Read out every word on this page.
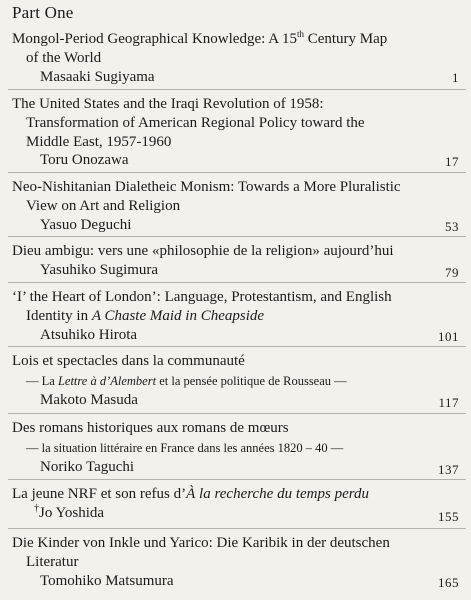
Part One
Mongol-Period Geographical Knowledge: A 15th Century Map
of the World
Masaaki Sugiyama	1
The United States and the Iraqi Revolution of 1958:
Transformation of American Regional Policy toward the
Middle East, 1957-1960
Toru Onozawa	17
Neo-Nishitanian Dialetheic Monism: Towards a More Pluralistic
View on Art and Religion
Yasuo Deguchi	53
Dieu ambigu: vers une «philosophie de la religion» aujourd’hui
Yasuhiko Sugimura	79
‘I’ the Heart of London’: Language, Protestantism, and English
Identity in A Chaste Maid in Cheapside
Atsuhiko Hirota	101
Lois et spectacles dans la communauté
— La Lettre à d’Alembert et la pensée politique de Rousseau —
Makoto Masuda	117
Des romans historiques aux romans de mœurs
— la situation littéraire en France dans les années 1820 – 40 —
Noriko Taguchi	137
La jeune NRF et son refus d’À la recherche du temps perdu
†Jo Yoshida	155
Die Kinder von Inkle und Yarico: Die Karibik in der deutschen
Literatur
Tomohiko Matsumura	165
